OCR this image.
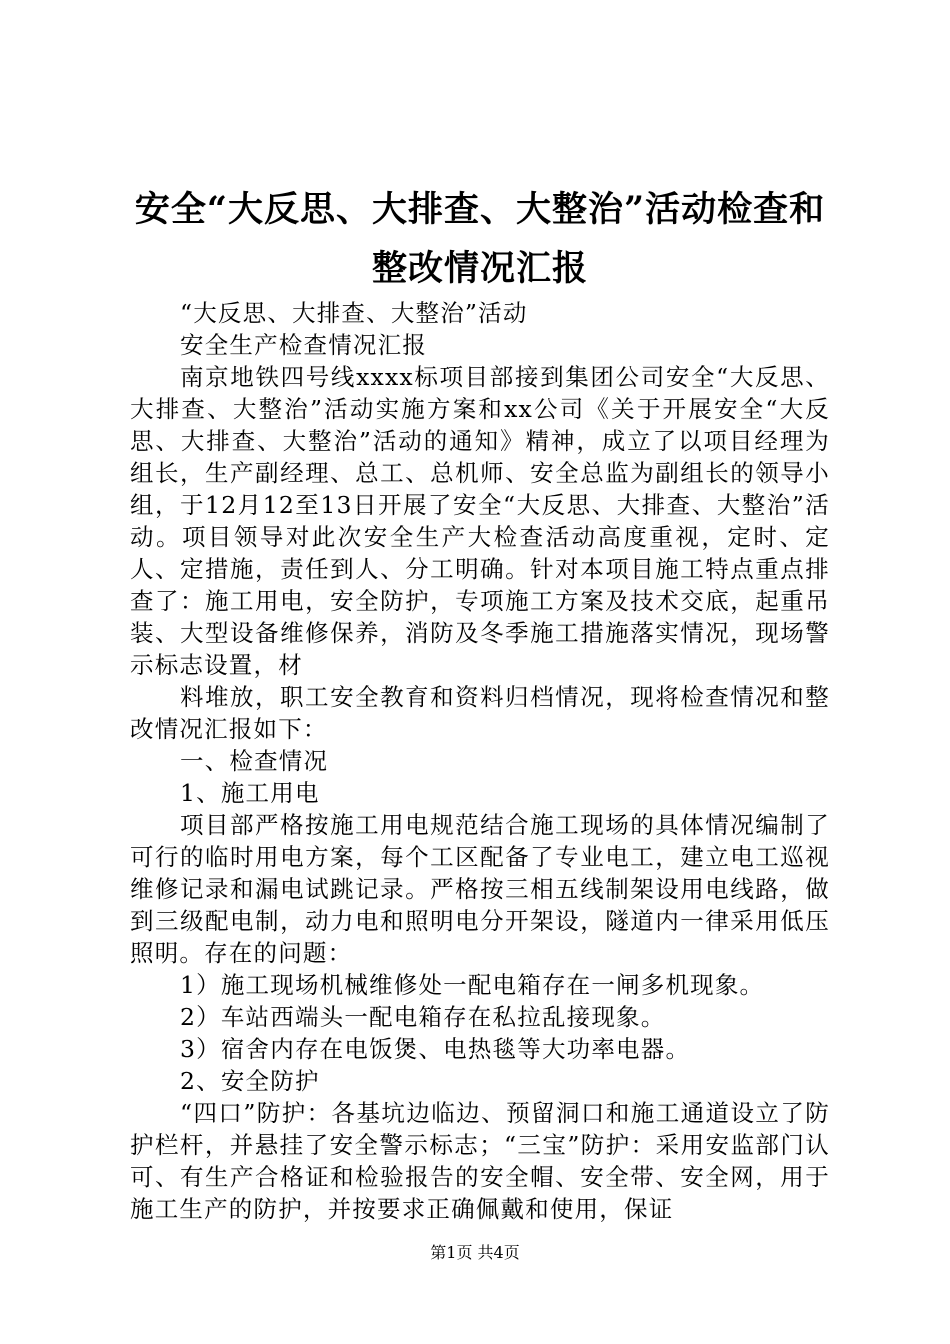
安全“大反思、大排查、大整治”活动检查和
整改情况汇报

“大反思、大排查、大整治”活动

安全生产检查情况汇报

南京地铁四号线xxxx标项目部接到集团公司安全“大反思、大排查、大整治”活动实施方案和xx公司《关于开展安全“大反思、大排查、大整治”活动的通知》精神，成立了以项目经理为组长，生产副经理、总工、总机师、安全总监为副组长的领导小组，于12月12至13日开展了安全“大反思、大排查、大整治”活动。项目领导对此次安全生产大检查活动高度重视，定时、定人、定措施，责任到人、分工明确。针对本项目施工特点重点排查了：施工用电，安全防护，专项施工方案及技术交底，起重吊装、大型设备维修保养，消防及冬季施工措施落实情况，现场警示标志设置，材

料堆放，职工安全教育和资料归档情况，现将检查情况和整改情况汇报如下：

一、检查情况

1、施工用电

项目部严格按施工用电规范结合施工现场的具体情况编制了可行的临时用电方案，每个工区配备了专业电工，建立电工巡视维修记录和漏电试跳记录。严格按三相五线制架设用电线路，做到三级配电制，动力电和照明电分开架设，隧道内一律采用低压照明。存在的问题：

1）施工现场机械维修处一配电箱存在一闸多机现象。

2）车站西端头一配电箱存在私拉乱接现象。

3）宿舍内存在电饭煲、电热毯等大功率电器。

2、安全防护

“四口”防护：各基坑边临边、预留洞口和施工通道设立了防护栏杆，并悬挂了安全警示标志；“三宝”防护：采用安监部门认可、有生产合格证和检验报告的安全帽、安全带、安全网，用于施工生产的防护，并按要求正确佩戴和使用，保证

第1页 共4页
